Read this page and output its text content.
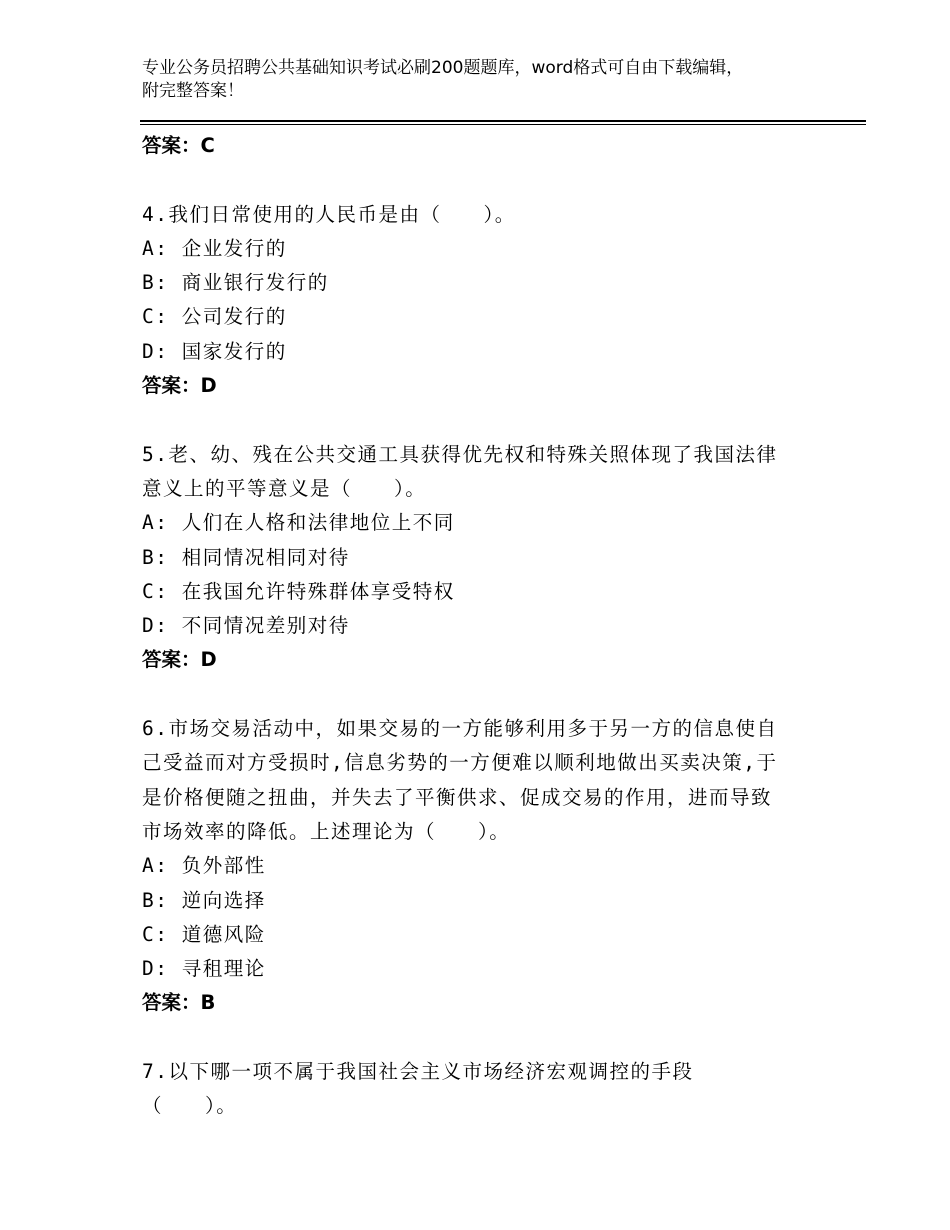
专业公务员招聘公共基础知识考试必刷200题题库，word格式可自由下载编辑，
附完整答案！
答案：C
4.我们日常使用的人民币是由（　　）。
A: 企业发行的
B: 商业银行发行的
C: 公司发行的
D: 国家发行的
答案：D
5.老、幼、残在公共交通工具获得优先权和特殊关照体现了我国法律
意义上的平等意义是（　　）。
A: 人们在人格和法律地位上不同
B: 相同情况相同对待
C: 在我国允许特殊群体享受特权
D: 不同情况差别对待
答案：D
6.市场交易活动中，如果交易的一方能够利用多于另一方的信息使自
己受益而对方受损时,信息劣势的一方便难以顺利地做出买卖决策,于
是价格便随之扭曲，并失去了平衡供求、促成交易的作用，进而导致
市场效率的降低。上述理论为（　　）。
A: 负外部性
B: 逆向选择
C: 道德风险
D: 寻租理论
答案：B
7.以下哪一项不属于我国社会主义市场经济宏观调控的手段
（　　）。
